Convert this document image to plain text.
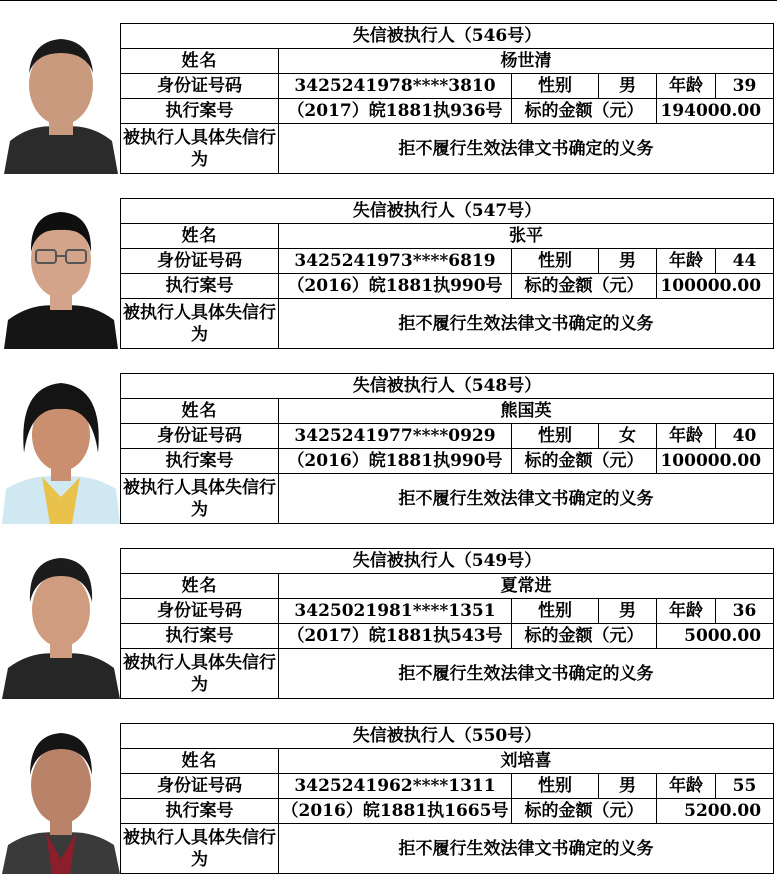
失信被执行人（546号）					
姓名	杨世清				
身份证号码	3425241978****3810	性别	男	年龄	39
执行案号	（2017）皖1881执936号	标的金额（元）		194000.00	
被执行人具体失信行为	拒不履行生效法律文书确定的义务				
失信被执行人（547号）					
姓名	张平				
身份证号码	3425241973****6819	性别	男	年龄	44
执行案号	（2016）皖1881执990号	标的金额（元）		100000.00	
被执行人具体失信行为	拒不履行生效法律文书确定的义务				
失信被执行人（548号）					
姓名	熊国英				
身份证号码	3425241977****0929	性别	女	年龄	40
执行案号	（2016）皖1881执990号	标的金额（元）		100000.00	
被执行人具体失信行为	拒不履行生效法律文书确定的义务				
失信被执行人（549号）					
姓名	夏常进				
身份证号码	3425021981****1351	性别	男	年龄	36
执行案号	（2017）皖1881执543号	标的金额（元）		5000.00	
被执行人具体失信行为	拒不履行生效法律文书确定的义务				
失信被执行人（550号）					
姓名	刘培喜				
身份证号码	3425241962****1311	性别	男	年龄	55
执行案号	（2016）皖1881执1665号	标的金额（元）		5200.00	
被执行人具体失信行为	拒不履行生效法律文书确定的义务				
